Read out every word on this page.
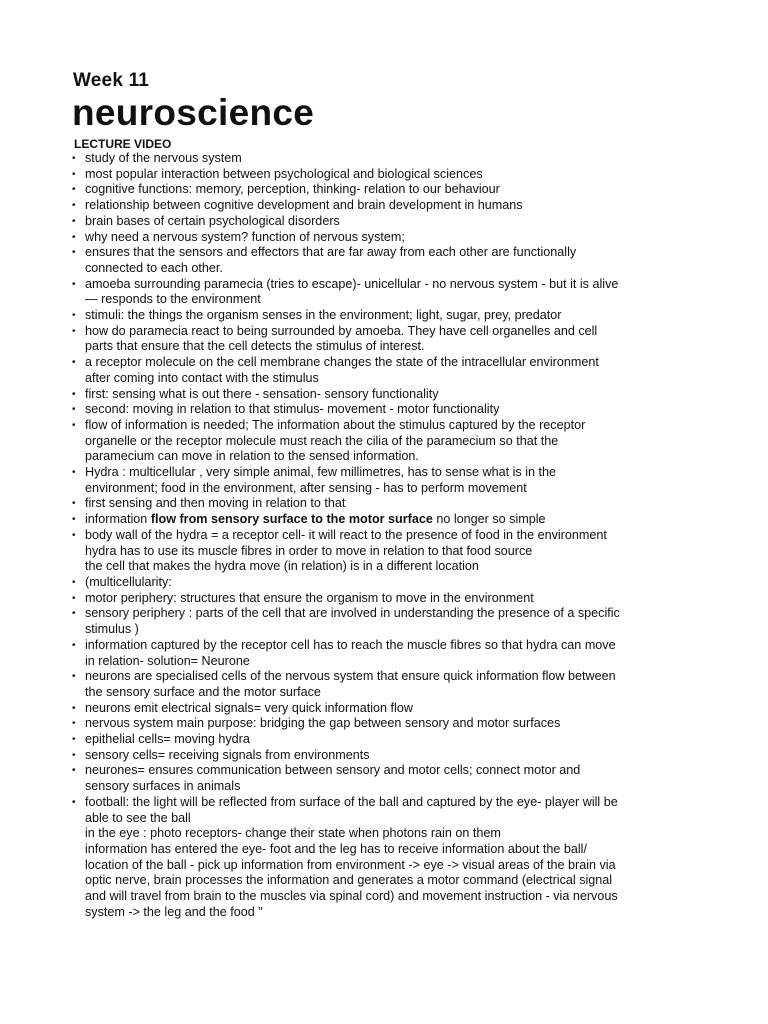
Week 11
neuroscience
LECTURE VIDEO
• study of the nervous system
• most popular interaction between psychological and biological sciences
• cognitive functions: memory, perception, thinking- relation to our behaviour
• relationship between cognitive development and brain development in humans
• brain bases of certain psychological disorders
• why need a nervous system? function of nervous system;
• ensures that the sensors and effectors that are far away from each other are functionally
connected to each other.
• amoeba surrounding paramecia (tries to escape)- unicellular - no nervous system - but it is alive
— responds to the environment
• stimuli: the things the organism senses in the environment; light, sugar, prey, predator
• how do paramecia react to being surrounded by amoeba. They have cell organelles and cell
parts that ensure that the cell detects the stimulus of interest.
• a receptor molecule on the cell membrane changes the state of the intracellular environment
after coming into contact with the stimulus
• first: sensing what is out there - sensation- sensory functionality
• second: moving in relation to that stimulus- movement - motor functionality
• flow of information is needed; The information about the stimulus captured by the receptor
organelle or the receptor molecule must reach the cilia of the paramecium so that the
paramecium can move in relation to the sensed information.
• Hydra : multicellular , very simple animal, few millimetres, has to sense what is in the
environment; food in the environment, after sensing - has to perform movement
• first sensing and then moving in relation to that
• information flow from sensory surface to the motor surface no longer so simple
• body wall of the hydra = a receptor cell- it will react to the presence of food in the environment
hydra has to use its muscle fibres in order to move in relation to that food source
the cell that makes the hydra move (in relation) is in a different location
• (multicellularity:
• motor periphery: structures that ensure the organism to move in the environment
• sensory periphery : parts of the cell that are involved in understanding the presence of a specific
stimulus )
• information captured by the receptor cell has to reach the muscle fibres so that hydra can move
in relation- solution= Neurone
• neurons are specialised cells of the nervous system that ensure quick information flow between
the sensory surface and the motor surface
• neurons emit electrical signals= very quick information flow
• nervous system main purpose: bridging the gap between sensory and motor surfaces
• epithelial cells= moving hydra
• sensory cells= receiving signals from environments
• neurones= ensures communication between sensory and motor cells; connect motor and
sensory surfaces in animals
• football: the light will be reflected from surface of the ball and captured by the eye- player will be
able to see the ball
in the eye : photo receptors- change their state when photons rain on them
information has entered the eye- foot and the leg has to receive information about the ball/
location of the ball - pick up information from environment -> eye -> visual areas of the brain via
optic nerve, brain processes the information and generates a motor command (electrical signal
and will travel from brain to the muscles via spinal cord) and movement instruction - via nervous
system -> the leg and the food "
